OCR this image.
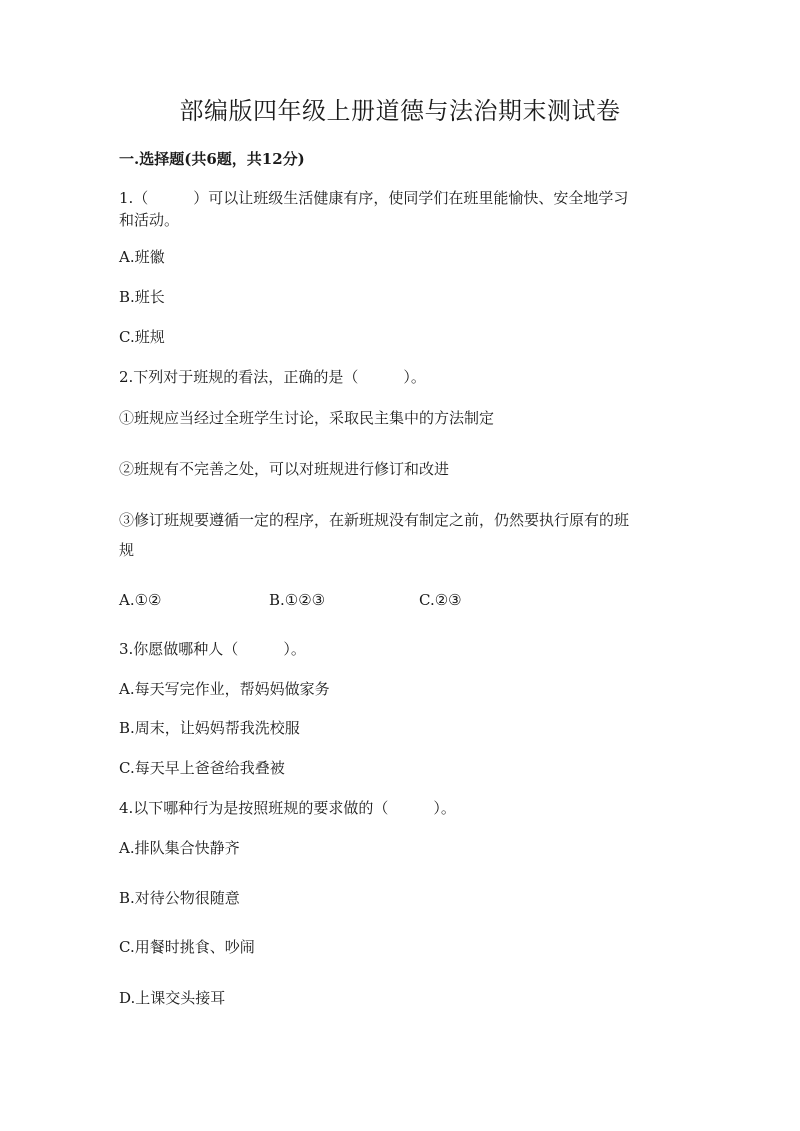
部编版四年级上册道德与法治期末测试卷
一.选择题(共6题，共12分)
1.（　　　）可以让班级生活健康有序，使同学们在班里能愉快、安全地学习
和活动。
A.班徽
B.班长
C.班规
2.下列对于班规的看法，正确的是（　　　）。
①班规应当经过全班学生讨论，采取民主集中的方法制定
②班规有不完善之处，可以对班规进行修订和改进
③修订班规要遵循一定的程序，在新班规没有制定之前，仍然要执行原有的班
规
A.①②	B.①②③	C.②③
3.你愿做哪种人（　　　）。
A.每天写完作业，帮妈妈做家务
B.周末，让妈妈帮我洗校服
C.每天早上爸爸给我叠被
4.以下哪种行为是按照班规的要求做的（　　　）。
A.排队集合快静齐
B.对待公物很随意
C.用餐时挑食、吵闹
D.上课交头接耳
